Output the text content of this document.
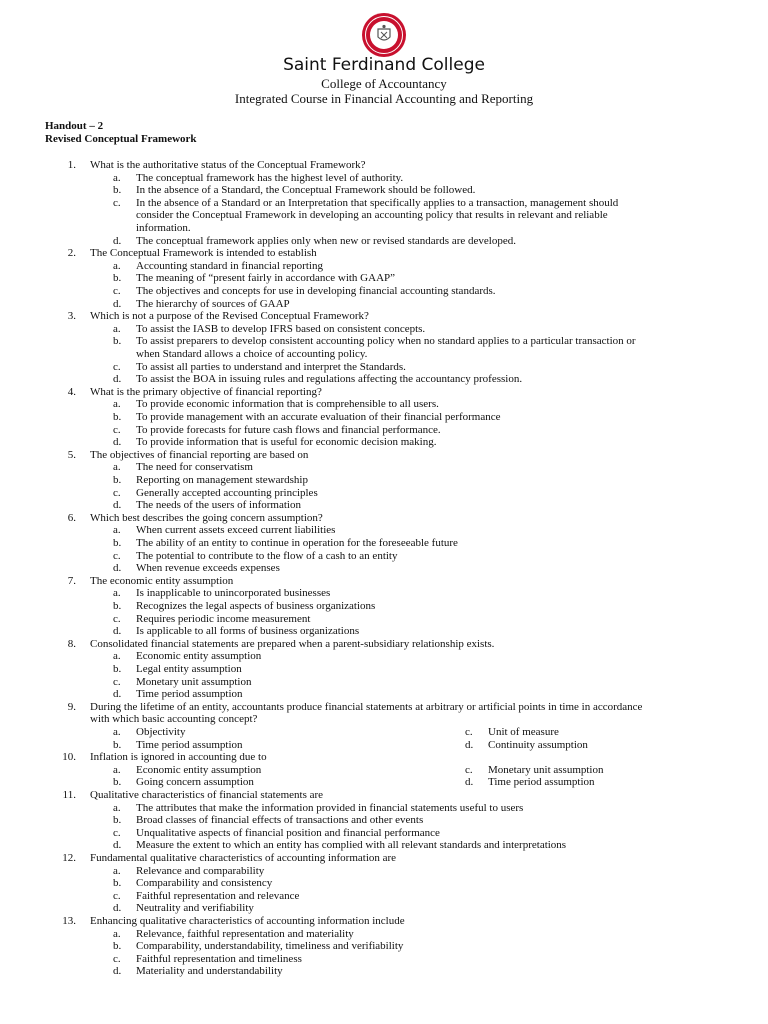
Saint Ferdinand College
College of Accountancy
Integrated Course in Financial Accounting and Reporting
Handout – 2
Revised Conceptual Framework
1. What is the authoritative status of the Conceptual Framework?
a. The conceptual framework has the highest level of authority.
b. In the absence of a Standard, the Conceptual Framework should be followed.
c. In the absence of a Standard or an Interpretation that specifically applies to a transaction, management should
consider the Conceptual Framework in developing an accounting policy that results in relevant and reliable
information.
d. The conceptual framework applies only when new or revised standards are developed.
2. The Conceptual Framework is intended to establish
a. Accounting standard in financial reporting
b. The meaning of “present fairly in accordance with GAAP”
c. The objectives and concepts for use in developing financial accounting standards.
d. The hierarchy of sources of GAAP
3. Which is not a purpose of the Revised Conceptual Framework?
a. To assist the IASB to develop IFRS based on consistent concepts.
b. To assist preparers to develop consistent accounting policy when no standard applies to a particular transaction or
when Standard allows a choice of accounting policy.
c. To assist all parties to understand and interpret the Standards.
d. To assist the BOA in issuing rules and regulations affecting the accountancy profession.
4. What is the primary objective of financial reporting?
a. To provide economic information that is comprehensible to all users.
b. To provide management with an accurate evaluation of their financial performance
c. To provide forecasts for future cash flows and financial performance.
d. To provide information that is useful for economic decision making.
5. The objectives of financial reporting are based on
a. The need for conservatism
b. Reporting on management stewardship
c. Generally accepted accounting principles
d. The needs of the users of information
6. Which best describes the going concern assumption?
a. When current assets exceed current liabilities
b. The ability of an entity to continue in operation for the foreseeable future
c. The potential to contribute to the flow of a cash to an entity
d. When revenue exceeds expenses
7. The economic entity assumption
a. Is inapplicable to unincorporated businesses
b. Recognizes the legal aspects of business organizations
c. Requires periodic income measurement
d. Is applicable to all forms of business organizations
8. Consolidated financial statements are prepared when a parent-subsidiary relationship exists.
a. Economic entity assumption
b. Legal entity assumption
c. Monetary unit assumption
d. Time period assumption
9. During the lifetime of an entity, accountants produce financial statements at arbitrary or artificial points in time in accordance
with which basic accounting concept?
a. Objectivity
b. Time period assumption
c. Unit of measure
d. Continuity assumption
10. Inflation is ignored in accounting due to
a. Economic entity assumption
b. Going concern assumption
c. Monetary unit assumption
d. Time period assumption
11. Qualitative characteristics of financial statements are
a. The attributes that make the information provided in financial statements useful to users
b. Broad classes of financial effects of transactions and other events
c. Unqualitative aspects of financial position and financial performance
d. Measure the extent to which an entity has complied with all relevant standards and interpretations
12. Fundamental qualitative characteristics of accounting information are
a. Relevance and comparability
b. Comparability and consistency
c. Faithful representation and relevance
d. Neutrality and verifiability
13. Enhancing qualitative characteristics of accounting information include
a. Relevance, faithful representation and materiality
b. Comparability, understandability, timeliness and verifiability
c. Faithful representation and timeliness
d. Materiality and understandability
